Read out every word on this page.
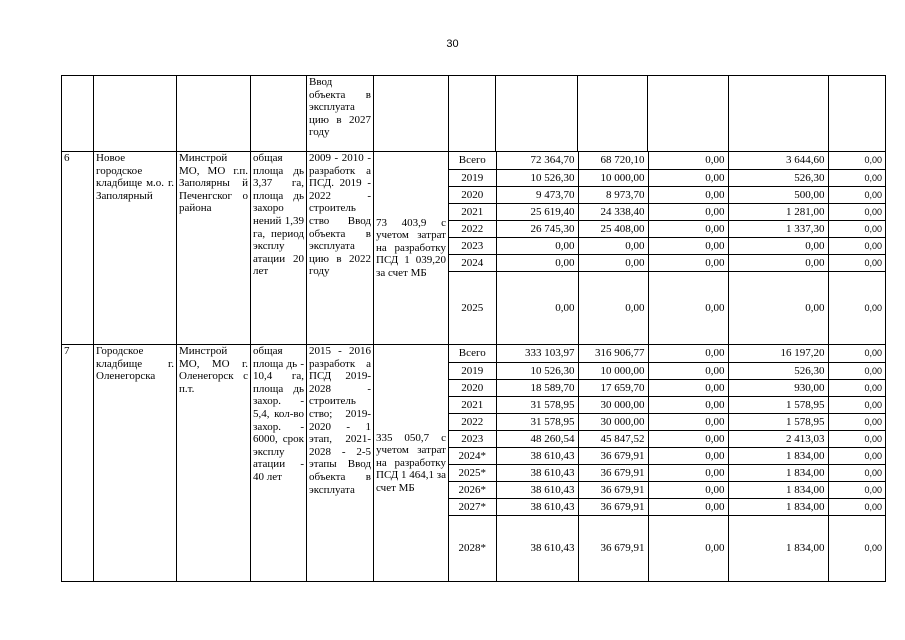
30
				Ввод объекта в эксплуата цию в 2027 году							
6	Новое городское кладбище м.о. г. Заполярный	Минстрой МО, МО г.п. Заполярны й Печенгског о района	общая площа дь 3,37 га, площа дь захоро нений 1,39 га, период эксплу атации 20 лет	2009 - 2010 - разработк а ПСД. 2019 - 2022 - строитель ство Ввод объекта в эксплуата цию в 2022 году	73 403,9 с учетом затрат на разработку ПСД 1 039,20 за счет МБ	
Всего	72 364,70	68 720,10	0,00	3 644,60	0,00
2019	10 526,30	10 000,00	0,00	526,30	0,00
2020	9 473,70	8 973,70	0,00	500,00	0,00
2021	25 619,40	24 338,40	0,00	1 281,00	0,00
2022	26 745,30	25 408,00	0,00	1 337,30	0,00
2023	0,00	0,00	0,00	0,00	0,00
2024	0,00	0,00	0,00	0,00	0,00
2025	0,00	0,00	0,00	0,00	0,00

7	Городское кладбище г. Оленегорска	Минстрой МО, МО г. Оленегорск с п.т.	общая площа дь - 10,4 га, площа дь захор. - 5,4, кол-во захор. - 6000, срок эксплу атации - 40 лет	2015 - 2016 разработк а ПСД 2019-2028 - строитель ство; 2019-2020 - 1 этап, 2021-2028 - 2-5 этапы Ввод объекта в эксплуата	335 050,7 с учетом затрат на разработку ПСД 1 464,1 за счет МБ	
Всего	333 103,97	316 906,77	0,00	16 197,20	0,00
2019	10 526,30	10 000,00	0,00	526,30	0,00
2020	18 589,70	17 659,70	0,00	930,00	0,00
2021	31 578,95	30 000,00	0,00	1 578,95	0,00
2022	31 578,95	30 000,00	0,00	1 578,95	0,00
2023	48 260,54	45 847,52	0,00	2 413,03	0,00
2024*	38 610,43	36 679,91	0,00	1 834,00	0,00
2025*	38 610,43	36 679,91	0,00	1 834,00	0,00
2026*	38 610,43	36 679,91	0,00	1 834,00	0,00
2027*	38 610,43	36 679,91	0,00	1 834,00	0,00
2028*	38 610,43	36 679,91	0,00	1 834,00	0,00
